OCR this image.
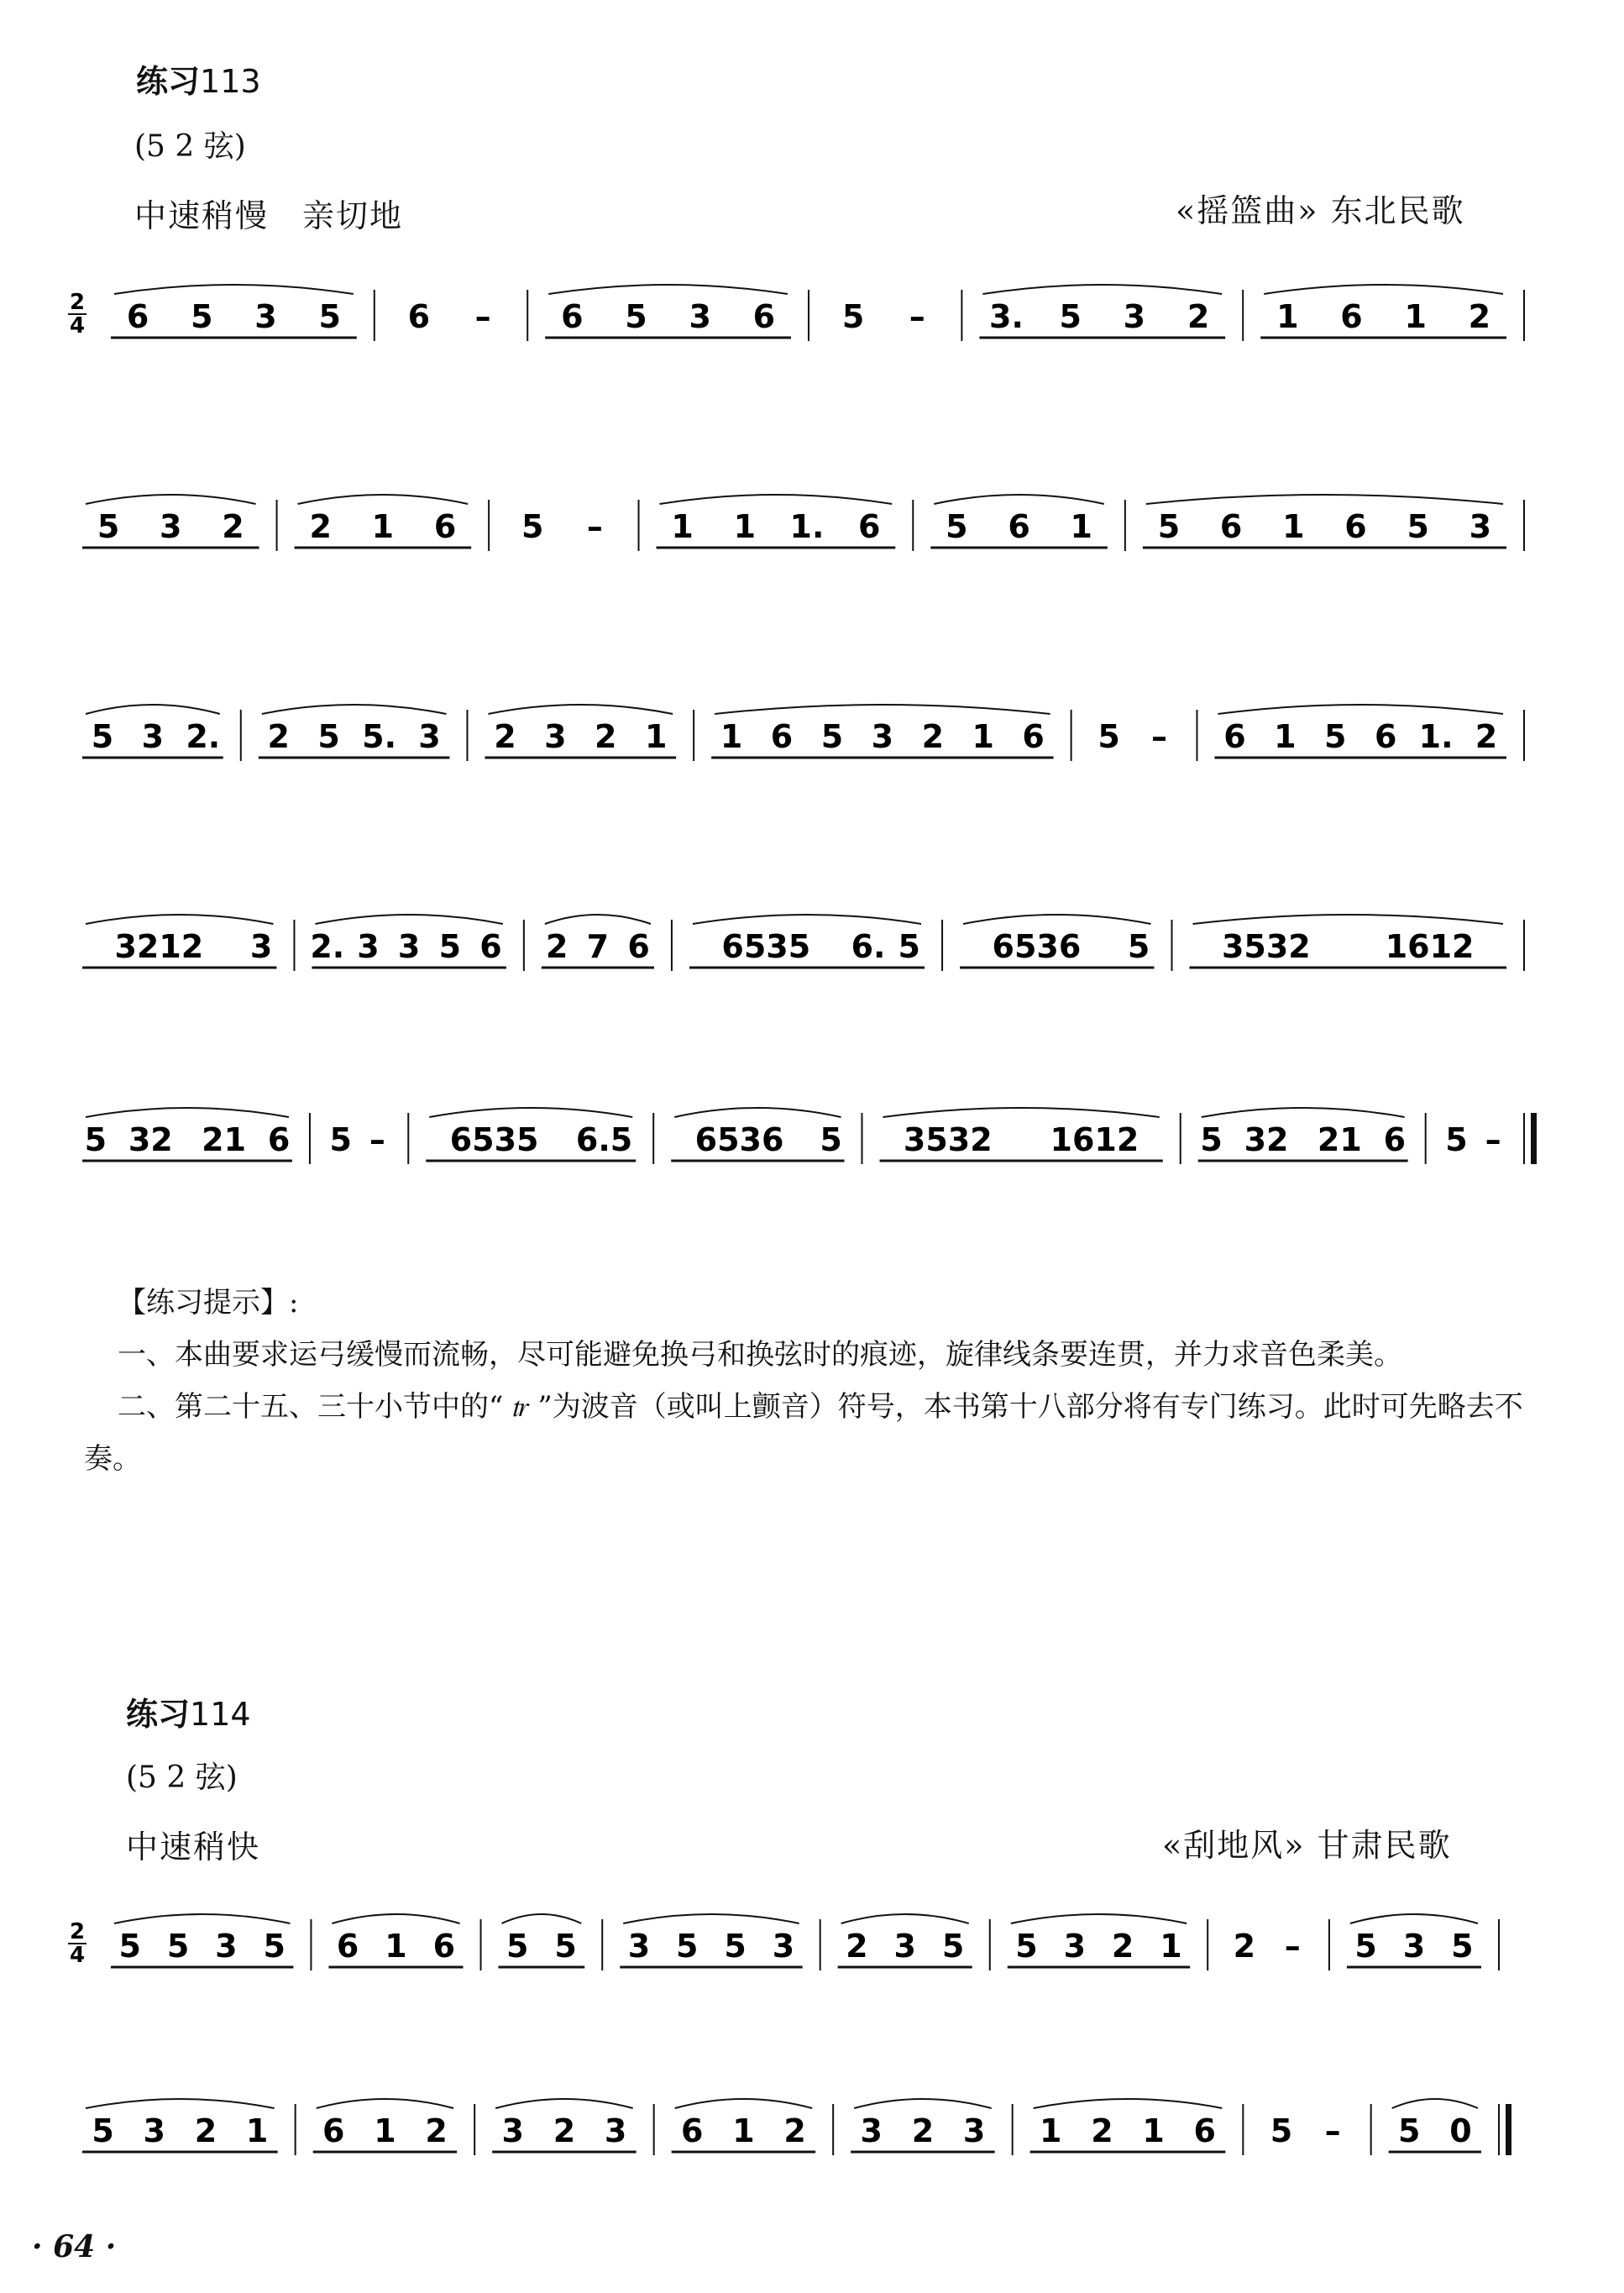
练习113
(5 2 弦)
中速稍慢　亲切地	«摇篮曲» 东北民歌
2
4 6 5 3 5 6 – 6 5 3 6 5 – 3. 5 3 2 1 6 1 2
5 3 2 2 1 6 5 – 1 1 1. 6 5 6 1 5 6 1 6 5 3
5 3 2. 2 5 5. 3 2 3 2 1 1 6 5 3 2 1 6 5 – 6 1 5 6 1. 2
3212 3 2. 3 3 5 6 2 7 6 6535 6. 5 6536 5 3532 1612
5 32 21 6 5 – 6535 6.5 6536 5 3532 1612 5 32 21 6 5 –

【练习提示】:

一、本曲要求运弓缓慢而流畅，尽可能避免换弓和换弦时的痕迹，旋律线条要连贯，并力求音色柔美。

二、第二十五、三十小节中的“ 𝆖 ”为波音（或叫上颤音）符号，本书第十八部分将有专门练习。此时可先略去不奏。

练习114
(5 2 弦)
中速稍快	«刮地风» 甘肃民歌
2
4 5 5 3 5 6 1 6 5 5 3 5 5 3 2 3 5 5 3 2 1 2 – 5 3 5
5 3 2 1 6 1 2 3 2 3 6 1 2 3 2 3 1 2 1 6 5 – 5 0
· 64 ·
